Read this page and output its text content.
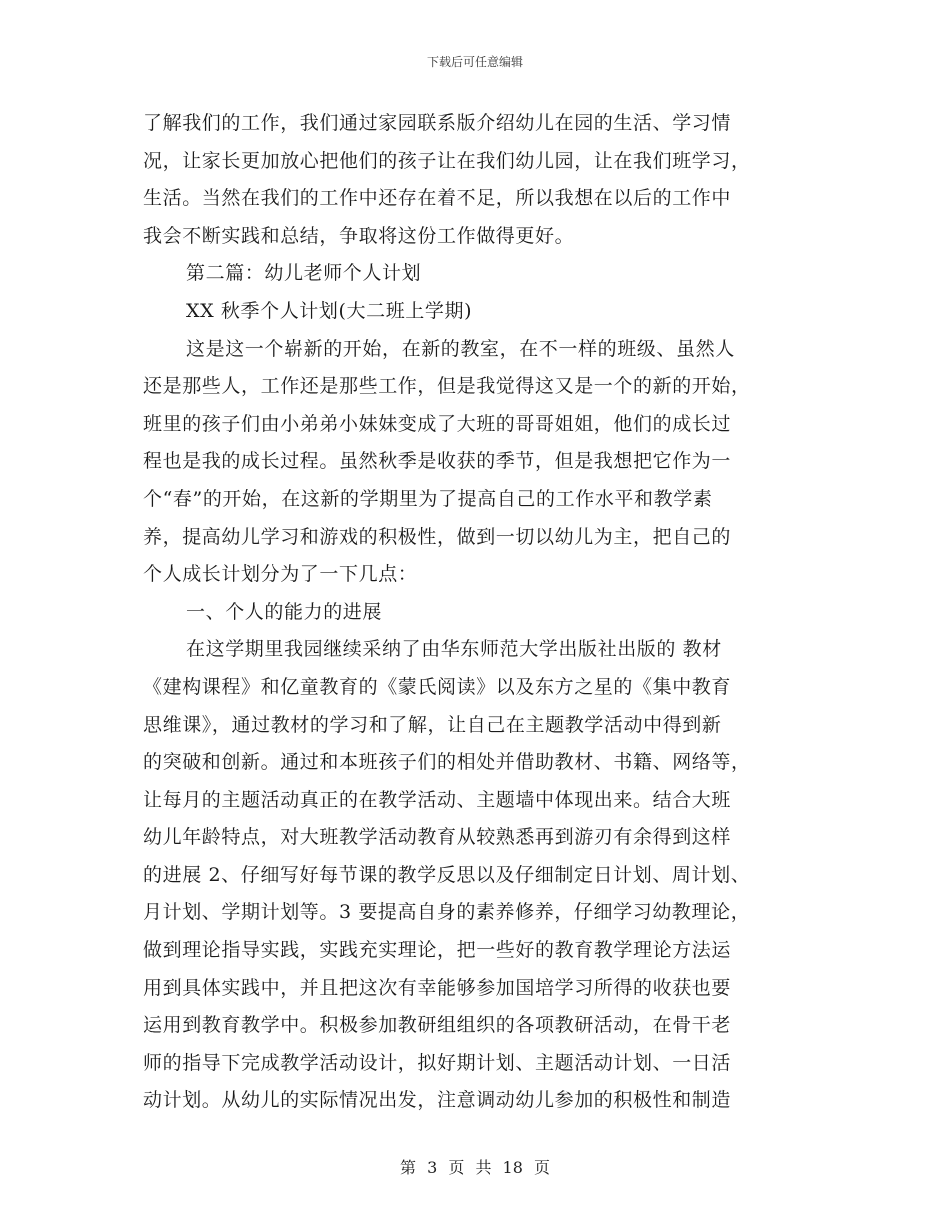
下载后可任意编辑
了解我们的工作，我们通过家园联系版介绍幼儿在园的生活、学习情
况，让家长更加放心把他们的孩子让在我们幼儿园，让在我们班学习，
生活。当然在我们的工作中还存在着不足，所以我想在以后的工作中
我会不断实践和总结，争取将这份工作做得更好。
第二篇：幼儿老师个人计划
XX 秋季个人计划(大二班上学期)
这是这一个崭新的开始，在新的教室，在不一样的班级、虽然人
还是那些人，工作还是那些工作，但是我觉得这又是一个的新的开始，
班里的孩子们由小弟弟小妹妹变成了大班的哥哥姐姐，他们的成长过
程也是我的成长过程。虽然秋季是收获的季节，但是我想把它作为一
个“春”的开始，在这新的学期里为了提高自己的工作水平和教学素
养，提高幼儿学习和游戏的积极性，做到一切以幼儿为主，把自己的
个人成长计划分为了一下几点：
一、个人的能力的进展
在这学期里我园继续采纳了由华东师范大学出版社出版的 教材
《建构课程》和亿童教育的《蒙氏阅读》以及东方之星的《集中教育
思维课》，通过教材的学习和了解，让自己在主题教学活动中得到新
的突破和创新。通过和本班孩子们的相处并借助教材、书籍、网络等，
让每月的主题活动真正的在教学活动、主题墙中体现出来。结合大班
幼儿年龄特点，对大班教学活动教育从较熟悉再到游刃有余得到这样
的进展 2、仔细写好每节课的教学反思以及仔细制定日计划、周计划、
月计划、学期计划等。3 要提高自身的素养修养，仔细学习幼教理论，
做到理论指导实践，实践充实理论，把一些好的教育教学理论方法运
用到具体实践中，并且把这次有幸能够参加国培学习所得的收获也要
运用到教育教学中。积极参加教研组组织的各项教研活动，在骨干老
师的指导下完成教学活动设计，拟好期计划、主题活动计划、一日活
动计划。从幼儿的实际情况出发，注意调动幼儿参加的积极性和制造
第 3 页 共 18 页
